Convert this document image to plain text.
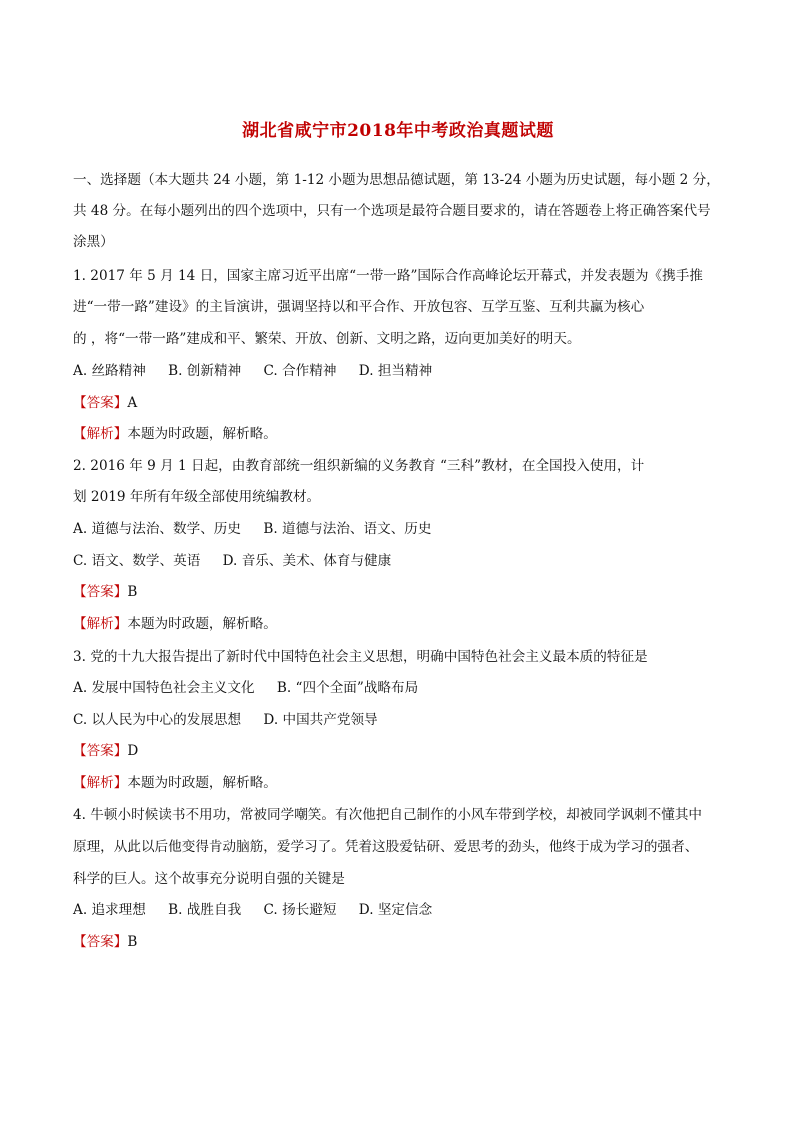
湖北省咸宁市2018年中考政治真题试题
一、选择题（本大题共 24 小题，第 1-12 小题为思想品德试题，第 13-24 小题为历史试题，每小题 2 分，
共 48 分。在每小题列出的四个选项中，只有一个选项是最符合题目要求的，请在答题卷上将正确答案代号
涂黑）
1. 2017 年 5 月 14 日，国家主席习近平出席“一带一路”国际合作高峰论坛开幕式，并发表题为《携手推
进“一带一路”建设》的主旨演讲，强调坚持以和平合作、开放包容、互学互鉴、互利共赢为核心
的 ，将“一带一路”建成和平、繁荣、开放、创新、文明之路，迈向更加美好的明天。
A. 丝路精神 B. 创新精神 C. 合作精神 D. 担当精神
【答案】A
【解析】本题为时政题，解析略。
2. 2016 年 9 月 1 日起，由教育部统一组织新编的义务教育 “三科”教材，在全国投入使用，计
划 2019 年所有年级全部使用统编教材。
A. 道德与法治、数学、历史 B. 道德与法治、语文、历史
C. 语文、数学、英语 D. 音乐、美术、体育与健康
【答案】B
【解析】本题为时政题，解析略。
3. 党的十九大报告提出了新时代中国特色社会主义思想，明确中国特色社会主义最本质的特征是
A. 发展中国特色社会主义文化 B. “四个全面”战略布局
C. 以人民为中心的发展思想 D. 中国共产党领导
【答案】D
【解析】本题为时政题，解析略。
4. 牛顿小时候读书不用功，常被同学嘲笑。有次他把自己制作的小风车带到学校，却被同学讽刺不懂其中
原理，从此以后他变得肯动脑筋，爱学习了。凭着这股爱钻研、爱思考的劲头，他终于成为学习的强者、
科学的巨人。这个故事充分说明自强的关键是
A. 追求理想 B. 战胜自我 C. 扬长避短 D. 坚定信念
【答案】B
